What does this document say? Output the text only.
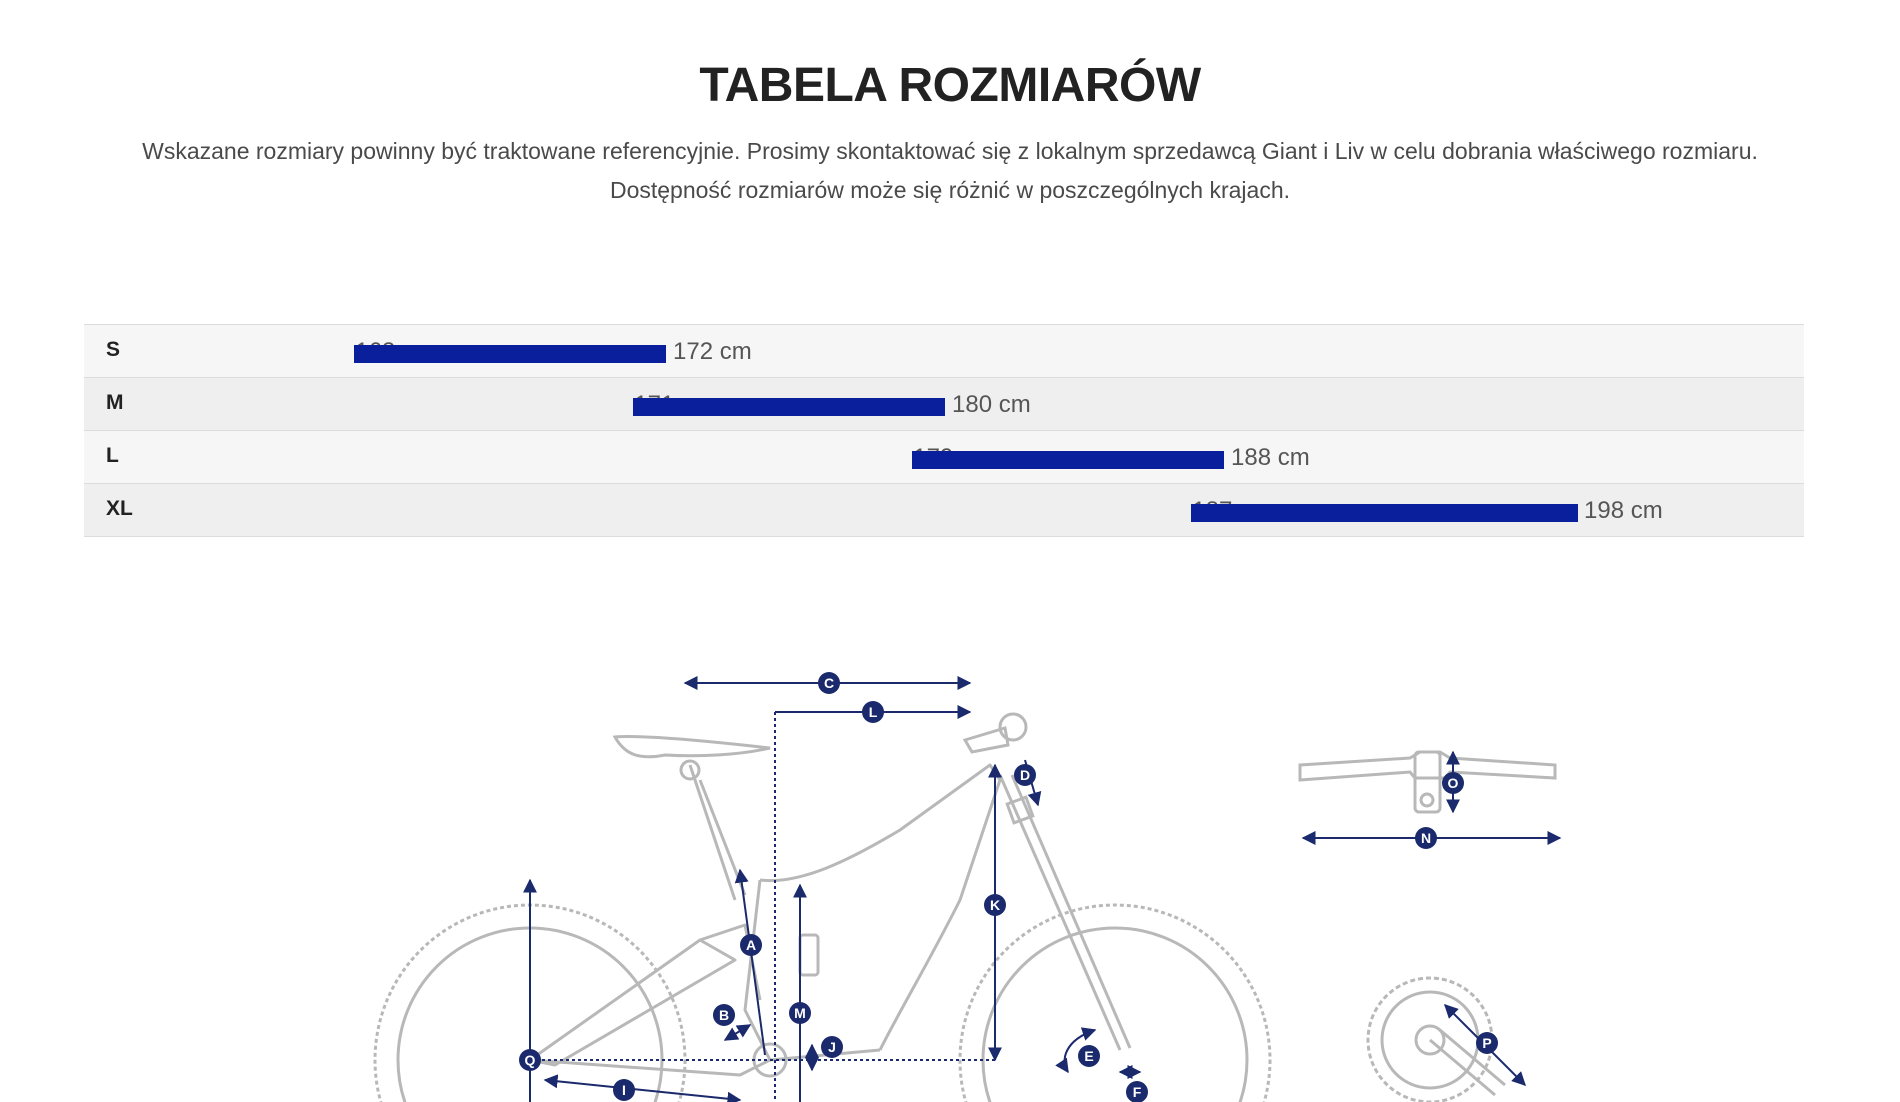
TABELA ROZMIARÓW
Wskazane rozmiary powinny być traktowane referencyjnie. Prosimy skontaktować się z lokalnym sprzedawcą Giant i Liv w celu dobrania właściwego rozmiaru.
Dostępność rozmiarów może się różnić w poszczególnych krajach.
S	172 cm
M	180 cm
L	188 cm
XL	198 cm
C
L
D
K
A
B	M
J
Q
I
E
F
O
N
P
